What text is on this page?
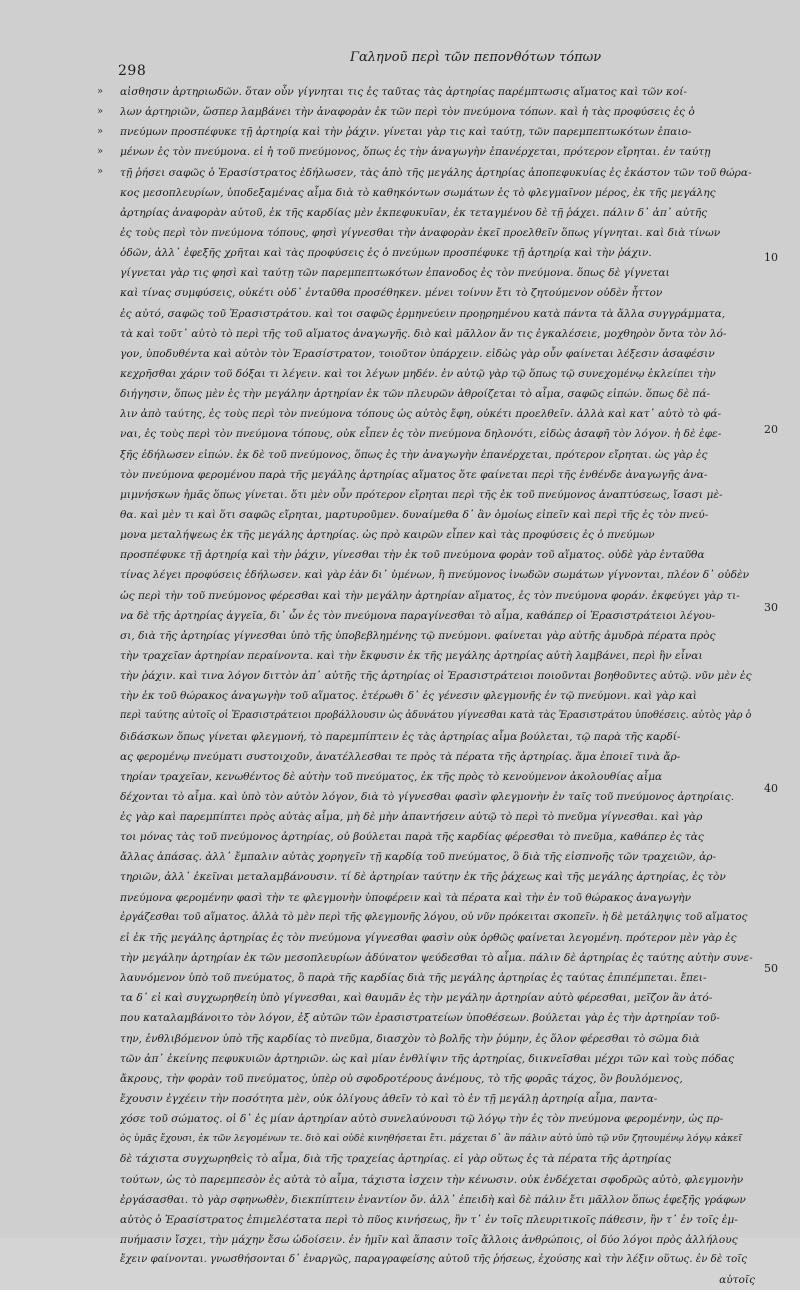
298
Γαληνοῦ περὶ τῶν πεπονθότων τόπων
αἰσθησιν ἀρτηριωδῶν. ὅταν οὖν γίγνηται τις ἐς ταῦτας τὰς ἀρτηρίας παρέμπτωσις αἵματος καὶ τῶν κοί-
λων ἀρτηριῶν, ὥσπερ λαμβάνει τὴν ἀναφορὰν ἐκ τῶν περὶ τὸν πνεύμονα τόπων. καὶ ἡ τὰς προφύσεις ἐς ὁ
πνεύμων προσπέφυκε τῇ ἀρτηρίᾳ καὶ τὴν ῥάχιν. γίνεται γὰρ τις καὶ ταύτῃ, τῶν παρεμπεπτωκότων ἐπαιο-
μένων ἐς τὸν πνεύμονα. εἰ ἡ τοῦ πνεύμονος, ὅπως ἐς τὴν ἀναγωγὴν ἐπανέρχεται, πρότερον εἴρηται. ἐν ταύτῃ
τῇ ῥήσει σαφῶς ὁ Ἐρασίστρατος ἐδήλωσεν, τὰς ἀπὸ τῆς μεγάλης ἀρτηρίας ἀποπεφυκυίας ἐς ἑκάστον τῶν τοῦ θώρα-
κος μεσοπλευρίων, ὑποδεξαμένας αἷμα διὰ τὸ καθηκόντων σωμάτων ἐς τὸ φλεγμαῖνον μέρος, ἐκ τῆς μεγάλης
ἀρτηρίας ἀναφορὰν αὐτοῦ, ἐκ τῆς καρδίας μὲν ἐκπεφυκυῖαν, ἐκ τεταγμένου δὲ τῇ ῥάχει. πάλιν δ᾽ ἀπ᾽ αὐτῆς
ἐς τοὺς περὶ τὸν πνεύμονα τόπους, φησὶ γίγνεσθαι τὴν ἀναφορὰν ἐκεῖ προελθεῖν ὅπως γίγνηται. καὶ διὰ τίνων
ὁδῶν, ἀλλ᾽ ἐφεξῆς χρῆται καὶ τὰς προφύσεις ἐς ὁ πνεύμων προσπέφυκε τῇ ἀρτηρίᾳ καὶ τὴν ῥάχιν.
γίγνεται γὰρ τις φησὶ καὶ ταύτῃ τῶν παρεμπεπτωκότων ἐπανοδος ἐς τὸν πνεύμονα. ὅπως δὲ γίγνεται
καὶ τίνας συμφύσεις, οὐκέτι οὐδ᾽ ἐνταῦθα προσέθηκεν. μένει τοίνυν ἔτι τὸ ζητούμενον οὐδὲν ἧττον
ἐς αὐτό, σαφῶς τοῦ Ἐρασιστράτου. καὶ τοι σαφῶς ἑρμηνεύειν προῃρημένου κατὰ πάντα τὰ ἄλλα συγγράμματα,
τὰ καὶ τοῦτ᾽ αὐτὸ τὸ περὶ τῆς τοῦ αἵματος ἀναγωγῆς. διὸ καὶ μᾶλλον ἄν τις ἐγκαλέσειε, μοχθηρὸν ὄντα τὸν λό-
γον, ὑποδυθέντα καὶ αὐτὸν τὸν Ἐρασίστρατον, τοιοῦτον ὑπάρχειν. εἰδὼς γὰρ οὖν φαίνεται λέξεσιν ἀσαφέσιν
κεχρῆσθαι χάριν τοῦ δόξαι τι λέγειν. καὶ τοι λέγων μηδέν. ἐν αὐτῷ γὰρ τῷ ὅπως τῷ συνεχομένῳ ἐκλείπει τὴν
διήγησιν, ὅπως μὲν ἐς τὴν μεγάλην ἀρτηρίαν ἐκ τῶν πλευρῶν ἀθροίζεται τὸ αἷμα, σαφῶς εἰπών. ὅπως δὲ πά-
λιν ἀπὸ ταύτης, ἐς τοὺς περὶ τὸν πνεύμονα τόπους ὡς αὐτὸς ἔφη, οὐκέτι προελθεῖν. ἀλλὰ καὶ κατ᾽ αὐτὸ τὸ φά-
ναι, ἐς τοὺς περὶ τὸν πνεύμονα τόπους, οὐκ εἶπεν ἐς τὸν πνεύμονα δηλονότι, εἰδὼς ἀσαφῆ τὸν λόγον. ἡ δὲ ἐφε-
ξῆς ἐδήλωσεν εἰπών. ἐκ δὲ τοῦ πνεύμονος, ὅπως ἐς τὴν ἀναγωγὴν ἐπανέρχεται, πρότερον εἴρηται. ὡς γὰρ ἐς
τὸν πνεύμονα φερομένου παρὰ τῆς μεγάλης ἀρτηρίας αἵματος ὅτε φαίνεται περὶ τῆς ἐνθένδε ἀναγωγῆς ἀνα-
μιμνήσκων ἡμᾶς ὅπως γίνεται. ὅτι μὲν οὖν πρότερον εἴρηται περὶ τῆς ἐκ τοῦ πνεύμονος ἀναπτύσεως, ἴσασι μὲ-
θα. καὶ μὲν τι καὶ ὅτι σαφῶς εἴρηται, μαρτυροῦμεν. δυναίμεθα δ᾽ ἂν ὁμοίως εἰπεῖν καὶ περὶ τῆς ἐς τὸν πνεύ-
μονα μεταλήψεως ἐκ τῆς μεγάλης ἀρτηρίας. ὡς πρὸ καιρῶν εἶπεν καὶ τὰς προφύσεις ἐς ὁ πνεύμων
προσπέφυκε τῇ ἀρτηρίᾳ καὶ τὴν ῥάχιν, γίνεσθαι τὴν ἐκ τοῦ πνεύμονα φορὰν τοῦ αἵματος. οὐδὲ γὰρ ἐνταῦθα
τίνας λέγει προφύσεις ἐδήλωσεν. καὶ γὰρ ἐὰν δι᾽ ὑμένων, ἢ πνεύμονος ἰνωδῶν σωμάτων γίγνονται, πλέον δ᾽ οὐδὲν
ὡς περὶ τὴν τοῦ πνεύμονος φέρεσθαι καὶ τὴν μεγάλην ἀρτηρίαν αἵματος, ἐς τὸν πνεύμονα φοράν. ἐκφεύγει γὰρ τι-
να δὲ τῆς ἀρτηρίας ἀγγεῖα, δι᾽ ὧν ἐς τὸν πνεύμονα παραγίνεσθαι τὸ αἷμα, καθάπερ οἱ Ἐρασιστράτειοι λέγου-
σι, διὰ τῆς ἀρτηρίας γίγνεσθαι ὑπὸ τῆς ὑποβεβλημένης τῷ πνεύμονι. φαίνεται γὰρ αὐτῆς ἀμυδρὰ πέρατα πρὸς
τὴν τραχεῖαν ἀρτηρίαν περαίνοντα. καὶ τὴν ἔκφυσιν ἐκ τῆς μεγάλης ἀρτηρίας αὐτὴ λαμβάνει, περὶ ἣν εἶναι
τὴν ῥάχιν. καὶ τινα λόγον διττὸν ἀπ᾽ αὐτῆς τῆς ἀρτηρίας οἱ Ἐρασιστράτειοι ποιοῦνται βοηθοῦντες αὐτῷ. νῦν μὲν ἐς
τὴν ἐκ τοῦ θώρακος ἀναγωγὴν τοῦ αἵματος. ἑτέρωθι δ᾽ ἐς γένεσιν φλεγμονῆς ἐν τῷ πνεύμονι. καὶ γὰρ καὶ
περὶ ταύτης αὐτοῖς οἱ Ἐρασιστράτειοι προβάλλουσιν ὡς ἀδυνάτου γίγνεσθαι κατὰ τὰς Ἐρασιστράτου ὑποθέσεις. αὐτὸς γὰρ ὁ
διδάσκων ὅπως γίνεται φλεγμονή, τὸ παρεμπίπτειν ἐς τὰς ἀρτηρίας αἷμα βούλεται, τῷ παρὰ τῆς καρδί-
ας φερομένῳ πνεύματι συστοιχοῦν, ἀνατέλλεσθαι τε πρὸς τὰ πέρατα τῆς ἀρτηρίας. ἅμα ἐποιεῖ τινὰ ἄρ-
τηρίαν τραχεῖαν, κενωθέντος δὲ αὐτὴν τοῦ πνεύματος, ἐκ τῆς πρὸς τὸ κενούμενον ἀκολουθίας αἷμα
δέχονται τὸ αἷμα. καὶ ὑπὸ τὸν αὐτὸν λόγον, διὰ τὸ γίγνεσθαι φασὶν φλεγμονὴν ἐν ταῖς τοῦ πνεύμονος ἀρτηρίαις.
ἐς γὰρ καὶ παρεμπίπτει πρὸς αὐτὰς αἷμα, μὴ δὲ μὴν ἀπαντήσειν αὐτῷ τὸ περὶ τὸ πνεῦμα γίγνεσθαι. καὶ γὰρ
τοι μόνας τὰς τοῦ πνεύμονος ἀρτηρίας, οὐ βούλεται παρὰ τῆς καρδίας φέρεσθαι τὸ πνεῦμα, καθάπερ ἐς τὰς
ἄλλας ἁπάσας. ἀλλ᾽ ἔμπαλιν αὐτὰς χορηγεῖν τῇ καρδίᾳ τοῦ πνεύματος, ὃ διὰ τῆς εἰσπνοῆς τῶν τραχειῶν, ἀρ-
τηριῶν, ἀλλ᾽ ἐκεῖναι μεταλαμβάνουσιν. τί δὲ ἀρτηρίαν ταύτην ἐκ τῆς ῥάχεως καὶ τῆς μεγάλης ἀρτηρίας, ἐς τὸν
πνεύμονα φερομένην φασὶ τὴν τε φλεγμονὴν ὑποφέρειν καὶ τὰ πέρατα καὶ τὴν ἐν τοῦ θώρακος ἀναγωγὴν
ἐργάζεσθαι τοῦ αἵματος. ἀλλὰ τὸ μὲν περὶ τῆς φλεγμονῆς λόγου, οὐ νῦν πρόκειται σκοπεῖν. ἡ δὲ μετάληψις τοῦ αἵματος
εἰ ἐκ τῆς μεγάλης ἀρτηρίας ἐς τὸν πνεύμονα γίγνεσθαι φασὶν οὐκ ὀρθῶς φαίνεται λεγομένη. πρότερον μὲν γὰρ ἐς
τὴν μεγάλην ἀρτηρίαν ἐκ τῶν μεσοπλευρίων ἀδύνατον ψεύδεσθαι τὸ αἷμα. πάλιν δὲ ἀρτηρίας ἐς ταύτης αὐτὴν συνε-
λαυνόμενον ὑπὸ τοῦ πνεύματος, ὃ παρὰ τῆς καρδίας διὰ τῆς μεγάλης ἀρτηρίας ἐς ταύτας ἐπιπέμπεται. ἔπει-
τα δ᾽ εἰ καὶ συγχωρηθείη ὑπὸ γίγνεσθαι, καὶ θαυμᾶν ἐς τὴν μεγάλην ἀρτηρίαν αὐτὸ φέρεσθαι, μεῖζον ἂν ἀτό-
που καταλαμβάνοιτο τὸν λόγον, ἐξ αὐτῶν τῶν ἐρασιστρατείων ὑποθέσεων. βούλεται γὰρ ἐς τὴν ἀρτηρίαν τοῦ-
την, ἐνθλιβόμενον ὑπὸ τῆς καρδίας τὸ πνεῦμα, διασχὸν τὸ βολῆς τὴν ῥύμην, ἐς ὅλον φέρεσθαι τὸ σῶμα διὰ
τῶν ἀπ᾽ ἐκείνης πεφυκυιῶν ἀρτηριῶν. ὡς καὶ μίαν ἐνθλίψιν τῆς ἀρτηρίας, διικνεῖσθαι μέχρι τῶν καὶ τοὺς πόδας
ἄκρους, τὴν φορὰν τοῦ πνεύματος, ὑπὲρ οὐ σφοδροτέρους ἀνέμους, τὸ τῆς φορᾶς τάχος, ὃν βουλόμενος,
ἔχουσιν ἐγχέειν τὴν ποσότητα μὲν, οὐκ ὀλίγους ἀθεῖν τὸ καὶ τὸ ἐν τῇ μεγάλῃ ἀρτηρίᾳ αἷμα, παντα-
χόσε τοῦ σώματος. οἱ δ᾽ ἐς μίαν ἀρτηρίαν αὐτὸ συνελαύνουσι τῷ λόγῳ τὴν ἐς τὸν πνεύμονα φερομένην, ὡς πρ-
ὸς ὑμᾶς ἔχουσι, ἐκ τῶν λεγομένων τε. διὸ καὶ οὐδὲ κινηθήσεται ἔτι. μάχεται δ᾽ ἂν πάλιν αὐτὸ ὑπὸ τῷ νῦν ζητουμένῳ λόγῳ κἀκεῖ
δὲ τάχιστα συγχωρηθεὶς τὸ αἷμα, διὰ τῆς τραχείας ἀρτηρίας. εἰ γὰρ οὕτως ἐς τὰ πέρατα τῆς ἀρτηρίας
τούτων, ὡς τὸ παρεμπεσὸν ἐς αὐτὰ τὸ αἷμα, τάχιστα ἰσχειν τὴν κένωσιν. οὐκ ἐνδέχεται σφοδρῶς αὐτὸ, φλεγμονὴν
ἐργάσασθαι. τὸ γὰρ σφηνωθὲν, διεκπίπτειν ἐναντίον ὄν. ἀλλ᾽ ἐπειδὴ καὶ δὲ πάλιν ἔτι μᾶλλον ὅπως ἐφεξῆς γράφων
αὐτὸς ὁ Ἐρασίστρατος ἐπιμελέστατα περὶ τὸ πῦος κινήσεως, ἢν τ᾽ ἐν τοῖς πλευριτικοῖς πάθεσιν, ἢν τ᾽ ἐν τοῖς ἐμ-
πυήμασιν ἴσχει, τὴν μάχην ἔσω ὠδοίσειν. ἐν ἡμῖν καὶ ἅπασιν τοῖς ἄλλοις ἀνθρώποις, οἱ δύο λόγοι πρὸς ἀλλήλους
ἔχειν φαίνονται. γνωσθήσονται δ᾽ ἐναργῶς, παραγραφείσης αὐτοῦ τῆς ῥήσεως, ἐχούσης καὶ τὴν λέξιν οὕτως. ἐν δὲ τοῖς
αὐτοῖς
»
»
»
»
»
10
20
30
40
50
